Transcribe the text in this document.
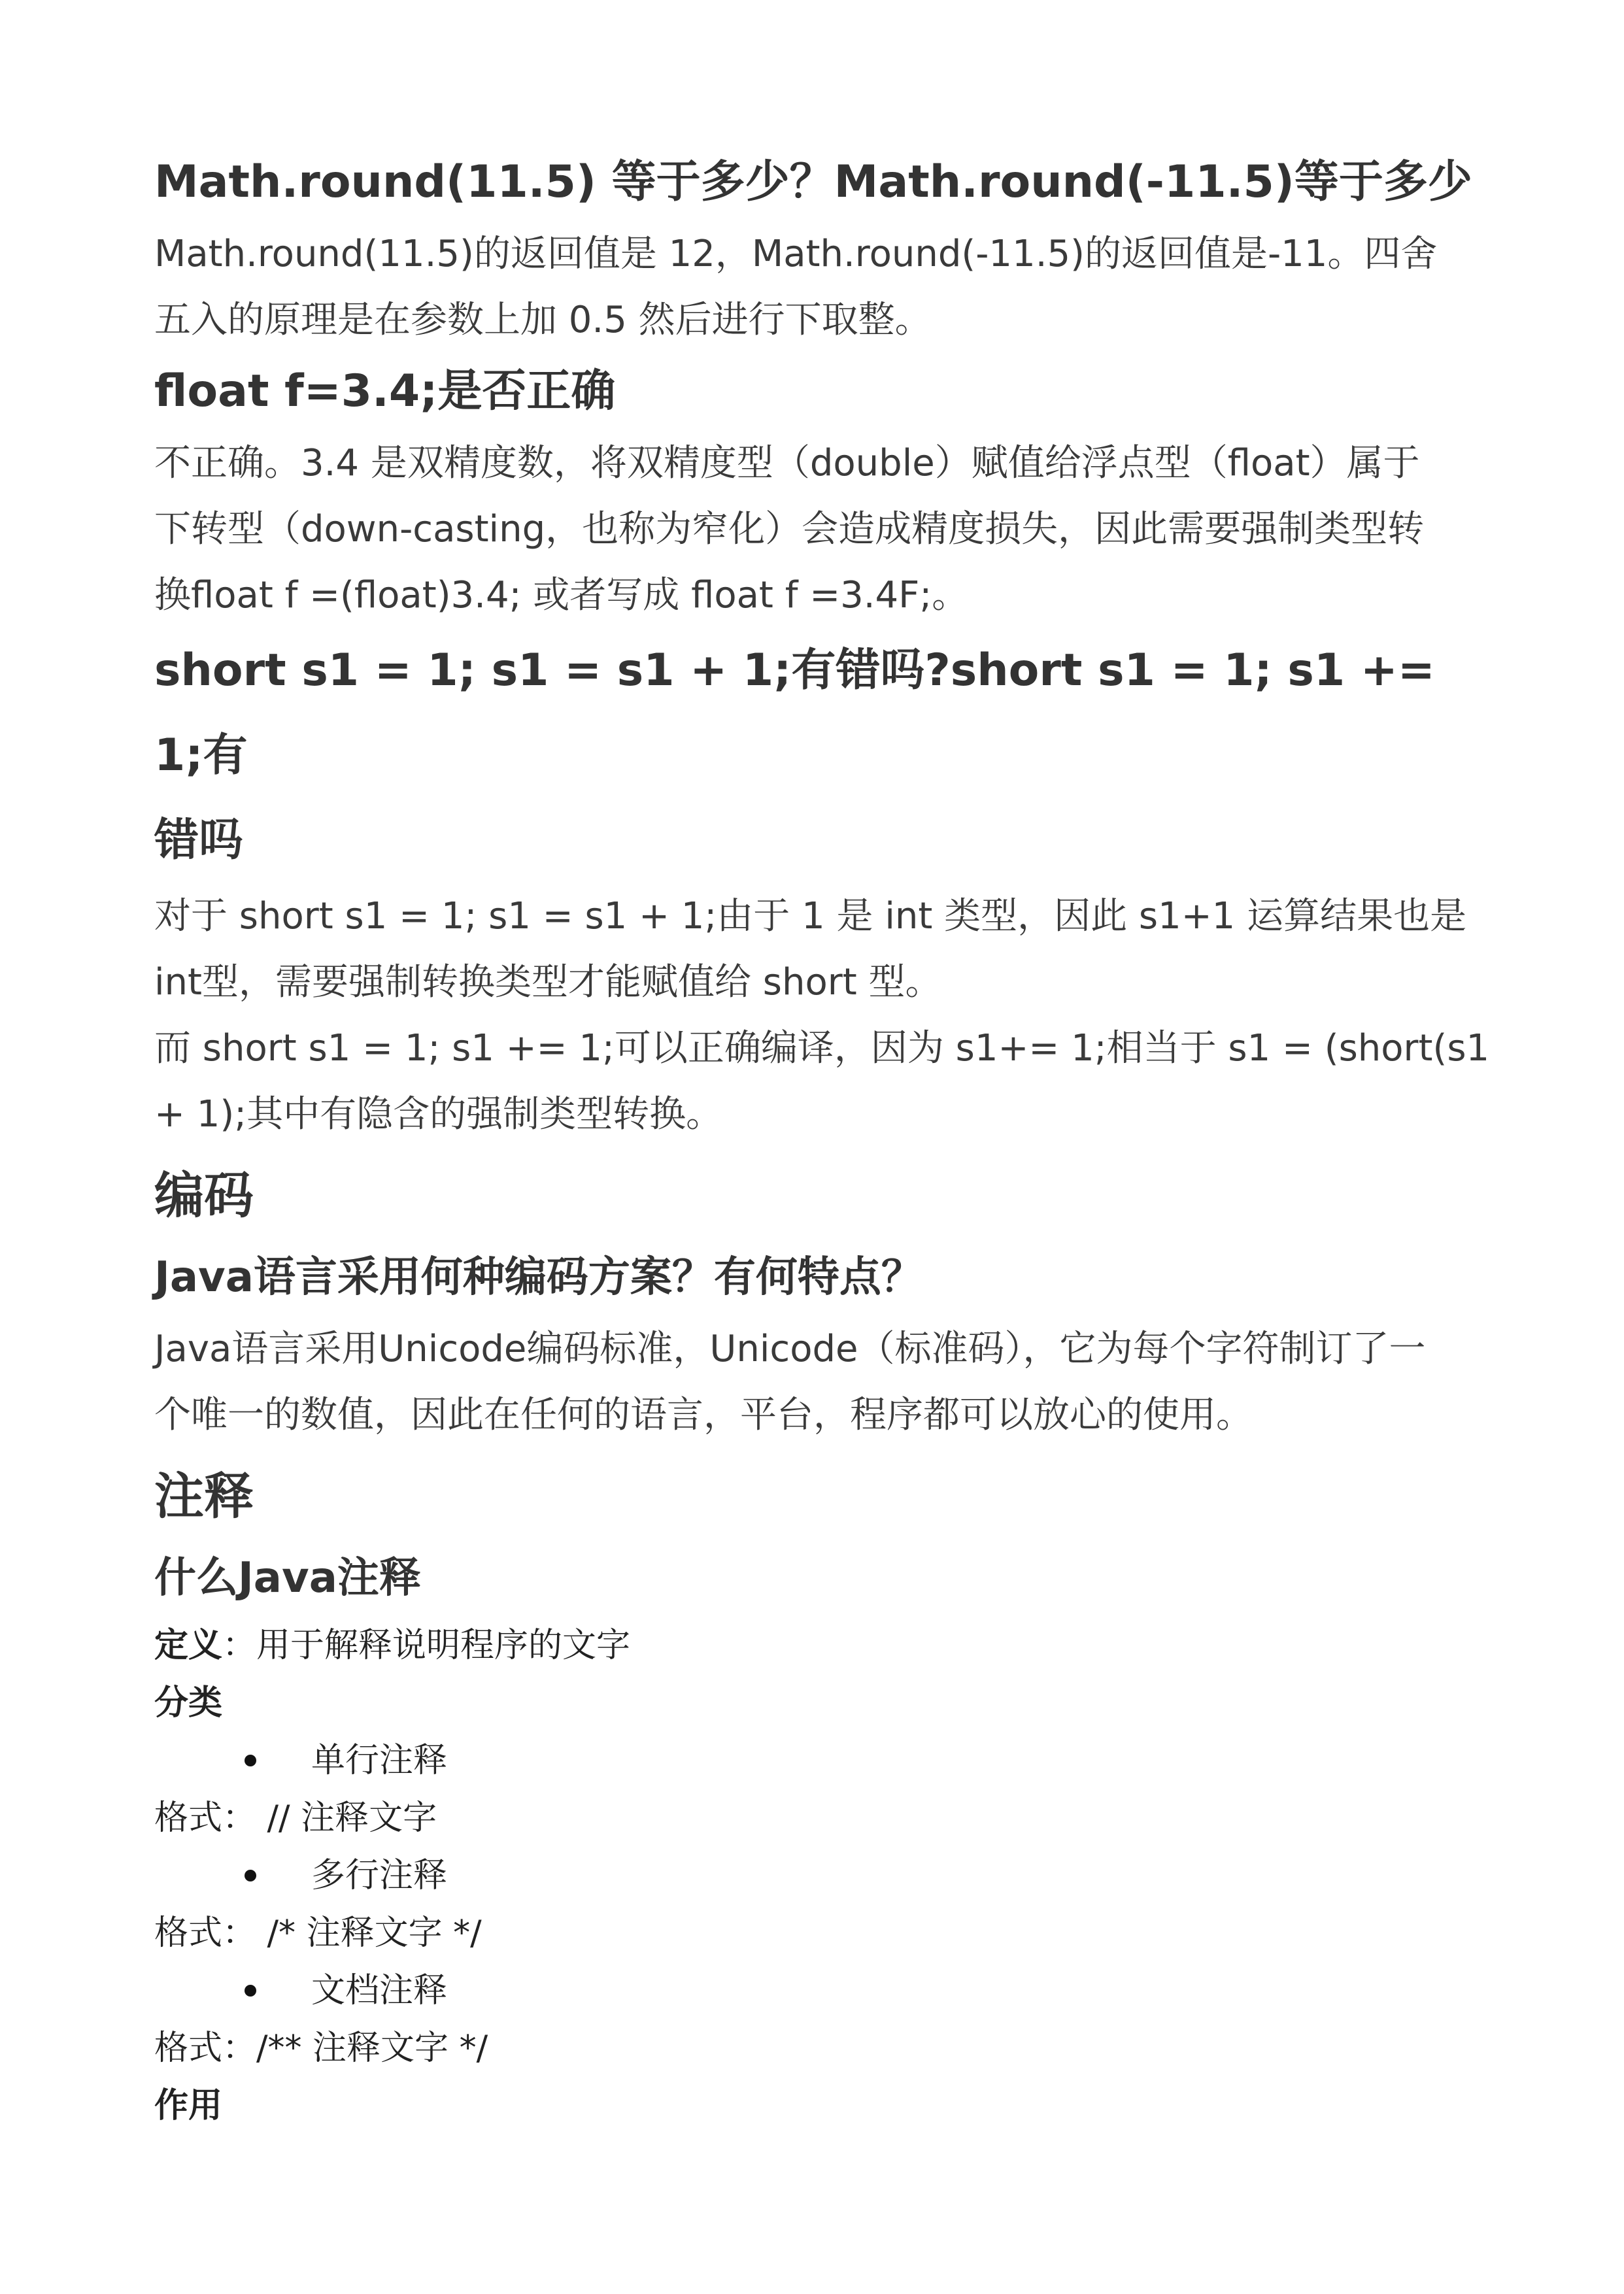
Math.round(11.5) 等于多少？Math.round(-11.5)等于多少

Math.round(11.5)的返回值是 12，Math.round(-11.5)的返回值是-11。四舍

五入的原理是在参数上加 0.5 然后进行下取整。

float f=3.4;是否正确

不正确。3.4 是双精度数，将双精度型（double）赋值给浮点型（float）属于

下转型（down-casting，也称为窄化）会造成精度损失，因此需要强制类型转

换float f =(float)3.4; 或者写成 float f =3.4F;。

short s1 = 1; s1 = s1 + 1;有错吗?short s1 = 1; s1 += 1;有
错吗

对于 short s1 = 1; s1 = s1 + 1;由于 1 是 int 类型，因此 s1+1 运算结果也是

int型，需要强制转换类型才能赋值给 short 型。

而 short s1 = 1; s1 += 1;可以正确编译，因为 s1+= 1;相当于 s1 = (short(s1

+ 1);其中有隐含的强制类型转换。

编码
Java语言采用何种编码方案？有何特点？

Java语言采用Unicode编码标准，Unicode（标准码），它为每个字符制订了一

个唯一的数值，因此在任何的语言，平台，程序都可以放心的使用。

注释
什么Java注释

定义：用于解释说明程序的文字

分类

单行注释

格式： // 注释文字

多行注释

格式： /* 注释文字 */

文档注释

格式：/** 注释文字 */

作用
